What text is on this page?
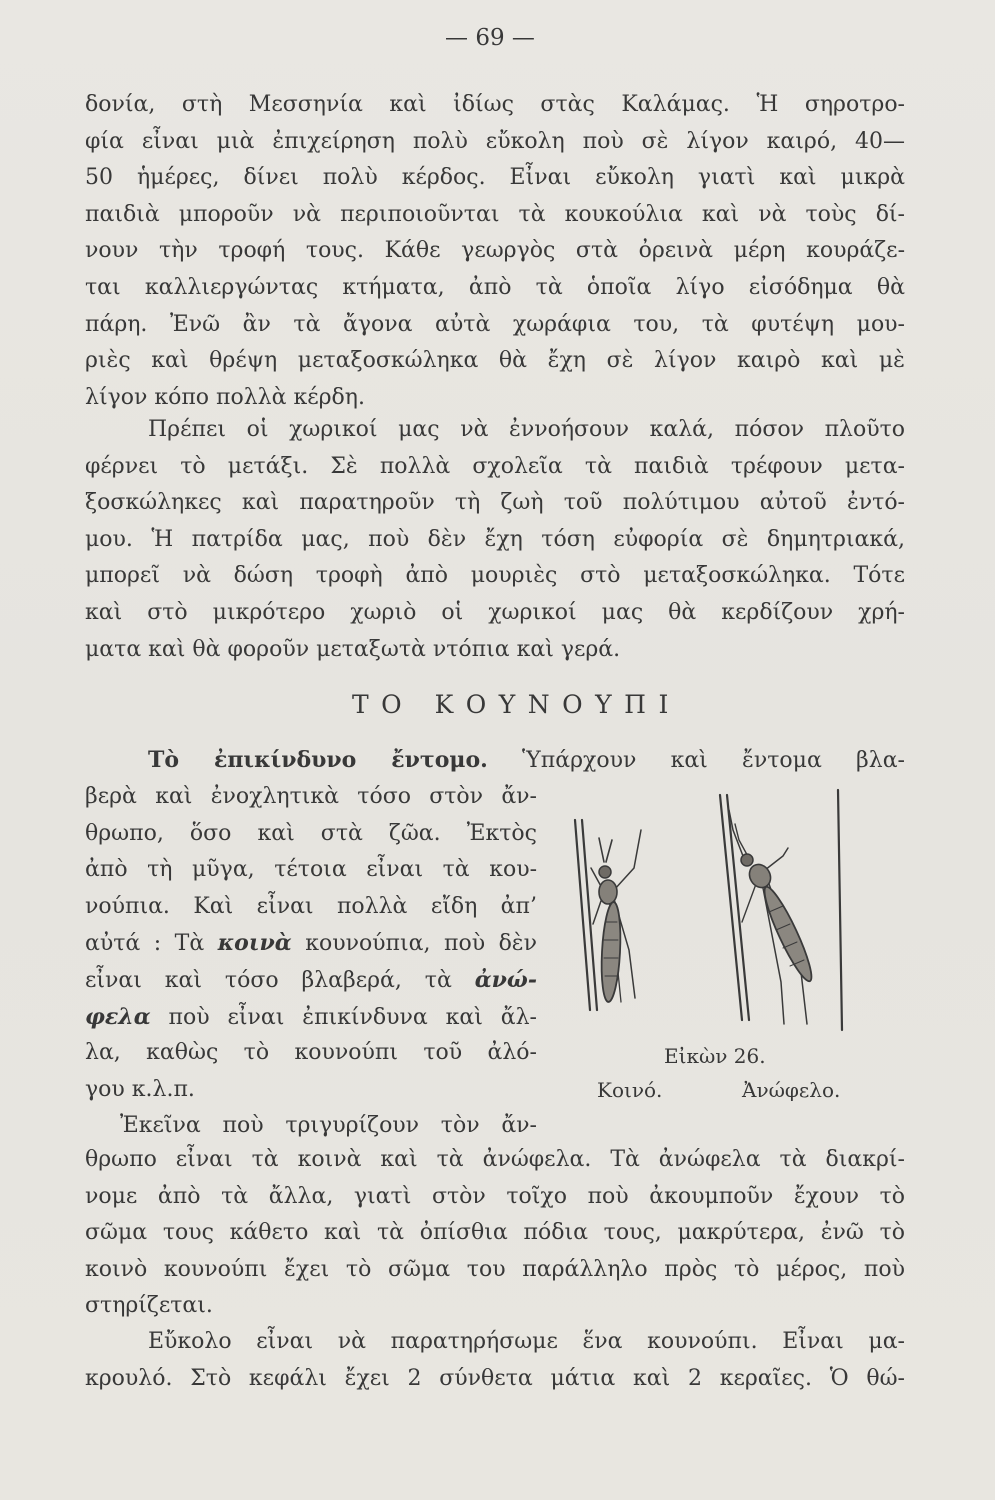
— 69 —
δονία, στὴ Μεσσηνία καὶ ἰδίως στὰς Καλάμας. Ἡ σηροτρο-
φία εἶναι μιὰ ἐπιχείρηση πολὺ εὔκολη ποὺ σὲ λίγον καιρό, 40—
50 ἡμέρες, δίνει πολὺ κέρδος. Εἶναι εὔκολη γιατὶ καὶ μικρὰ
παιδιὰ μποροῦν νὰ περιποιοῦνται τὰ κουκούλια καὶ νὰ τοὺς δί-
νουν τὴν τροφή τους. Κάθε γεωργὸς στὰ ὀρεινὰ μέρη κουράζε-
ται καλλιεργώντας κτήματα, ἀπὸ τὰ ὁποῖα λίγο εἰσόδημα θὰ
πάρη. Ἐνῶ ἂν τὰ ἄγονα αὐτὰ χωράφια του, τὰ φυτέψη μου-
ριὲς καὶ θρέψη μεταξοσκώληκα θὰ ἔχη σὲ λίγον καιρὸ καὶ μὲ
λίγον κόπο πολλὰ κέρδη.
Πρέπει οἱ χωρικοί μας νὰ ἐννοήσουν καλά, πόσον πλοῦτο
φέρνει τὸ μετάξι. Σὲ πολλὰ σχολεῖα τὰ παιδιὰ τρέφουν μετα-
ξοσκώληκες καὶ παρατηροῦν τὴ ζωὴ τοῦ πολύτιμου αὐτοῦ ἐντό-
μου. Ἡ πατρίδα μας, ποὺ δὲν ἔχη τόση εὐφορία σὲ δημητριακά,
μπορεῖ νὰ δώση τροφὴ ἀπὸ μουριὲς στὸ μεταξοσκώληκα. Τότε
καὶ στὸ μικρότερο χωριὸ οἱ χωρικοί μας θὰ κερδίζουν χρή-
ματα καὶ θὰ φοροῦν μεταξωτὰ ντόπια καὶ γερά.
ΤΟ ΚΟΥΝΟΥΠΙ
Τὸ ἐπικίνδυνο ἔντομο. Ὑπάρχουν καὶ ἔντομα βλα-
βερὰ καὶ ἐνοχλητικὰ τόσο στὸν ἄν-
θρωπο, ὅσο καὶ στὰ ζῶα. Ἐκτὸς
ἀπὸ τὴ μῦγα, τέτοια εἶναι τὰ κου-
νούπια. Καὶ εἶναι πολλὰ εἴδη ἀπ’
αὐτά : Τὰ κοινὰ κουνούπια, ποὺ δὲν
εἶναι καὶ τόσο βλαβερά, τὰ ἀνώ-
φελα ποὺ εἶναι ἐπικίνδυνα καὶ ἄλ-
λα, καθὼς τὸ κουνούπι τοῦ ἀλό-
γου κ.λ.π.
Ἐκεῖνα ποὺ τριγυρίζουν τὸν ἄν-
Εἰκὼν 26.
Κοινό.	Ἀνώφελο.
θρωπο εἶναι τὰ κοινὰ καὶ τὰ ἀνώφελα. Τὰ ἀνώφελα τὰ διακρί-
νομε ἀπὸ τὰ ἄλλα, γιατὶ στὸν τοῖχο ποὺ ἀκουμποῦν ἔχουν τὸ
σῶμα τους κάθετο καὶ τὰ ὀπίσθια πόδια τους, μακρύτερα, ἐνῶ τὸ
κοινὸ κουνούπι ἔχει τὸ σῶμα του παράλληλο πρὸς τὸ μέρος, ποὺ
στηρίζεται.
Εὔκολο εἶναι νὰ παρατηρήσωμε ἕνα κουνούπι. Εἶναι μα-
κρουλό. Στὸ κεφάλι ἔχει 2 σύνθετα μάτια καὶ 2 κεραῖες. Ὁ θώ-
